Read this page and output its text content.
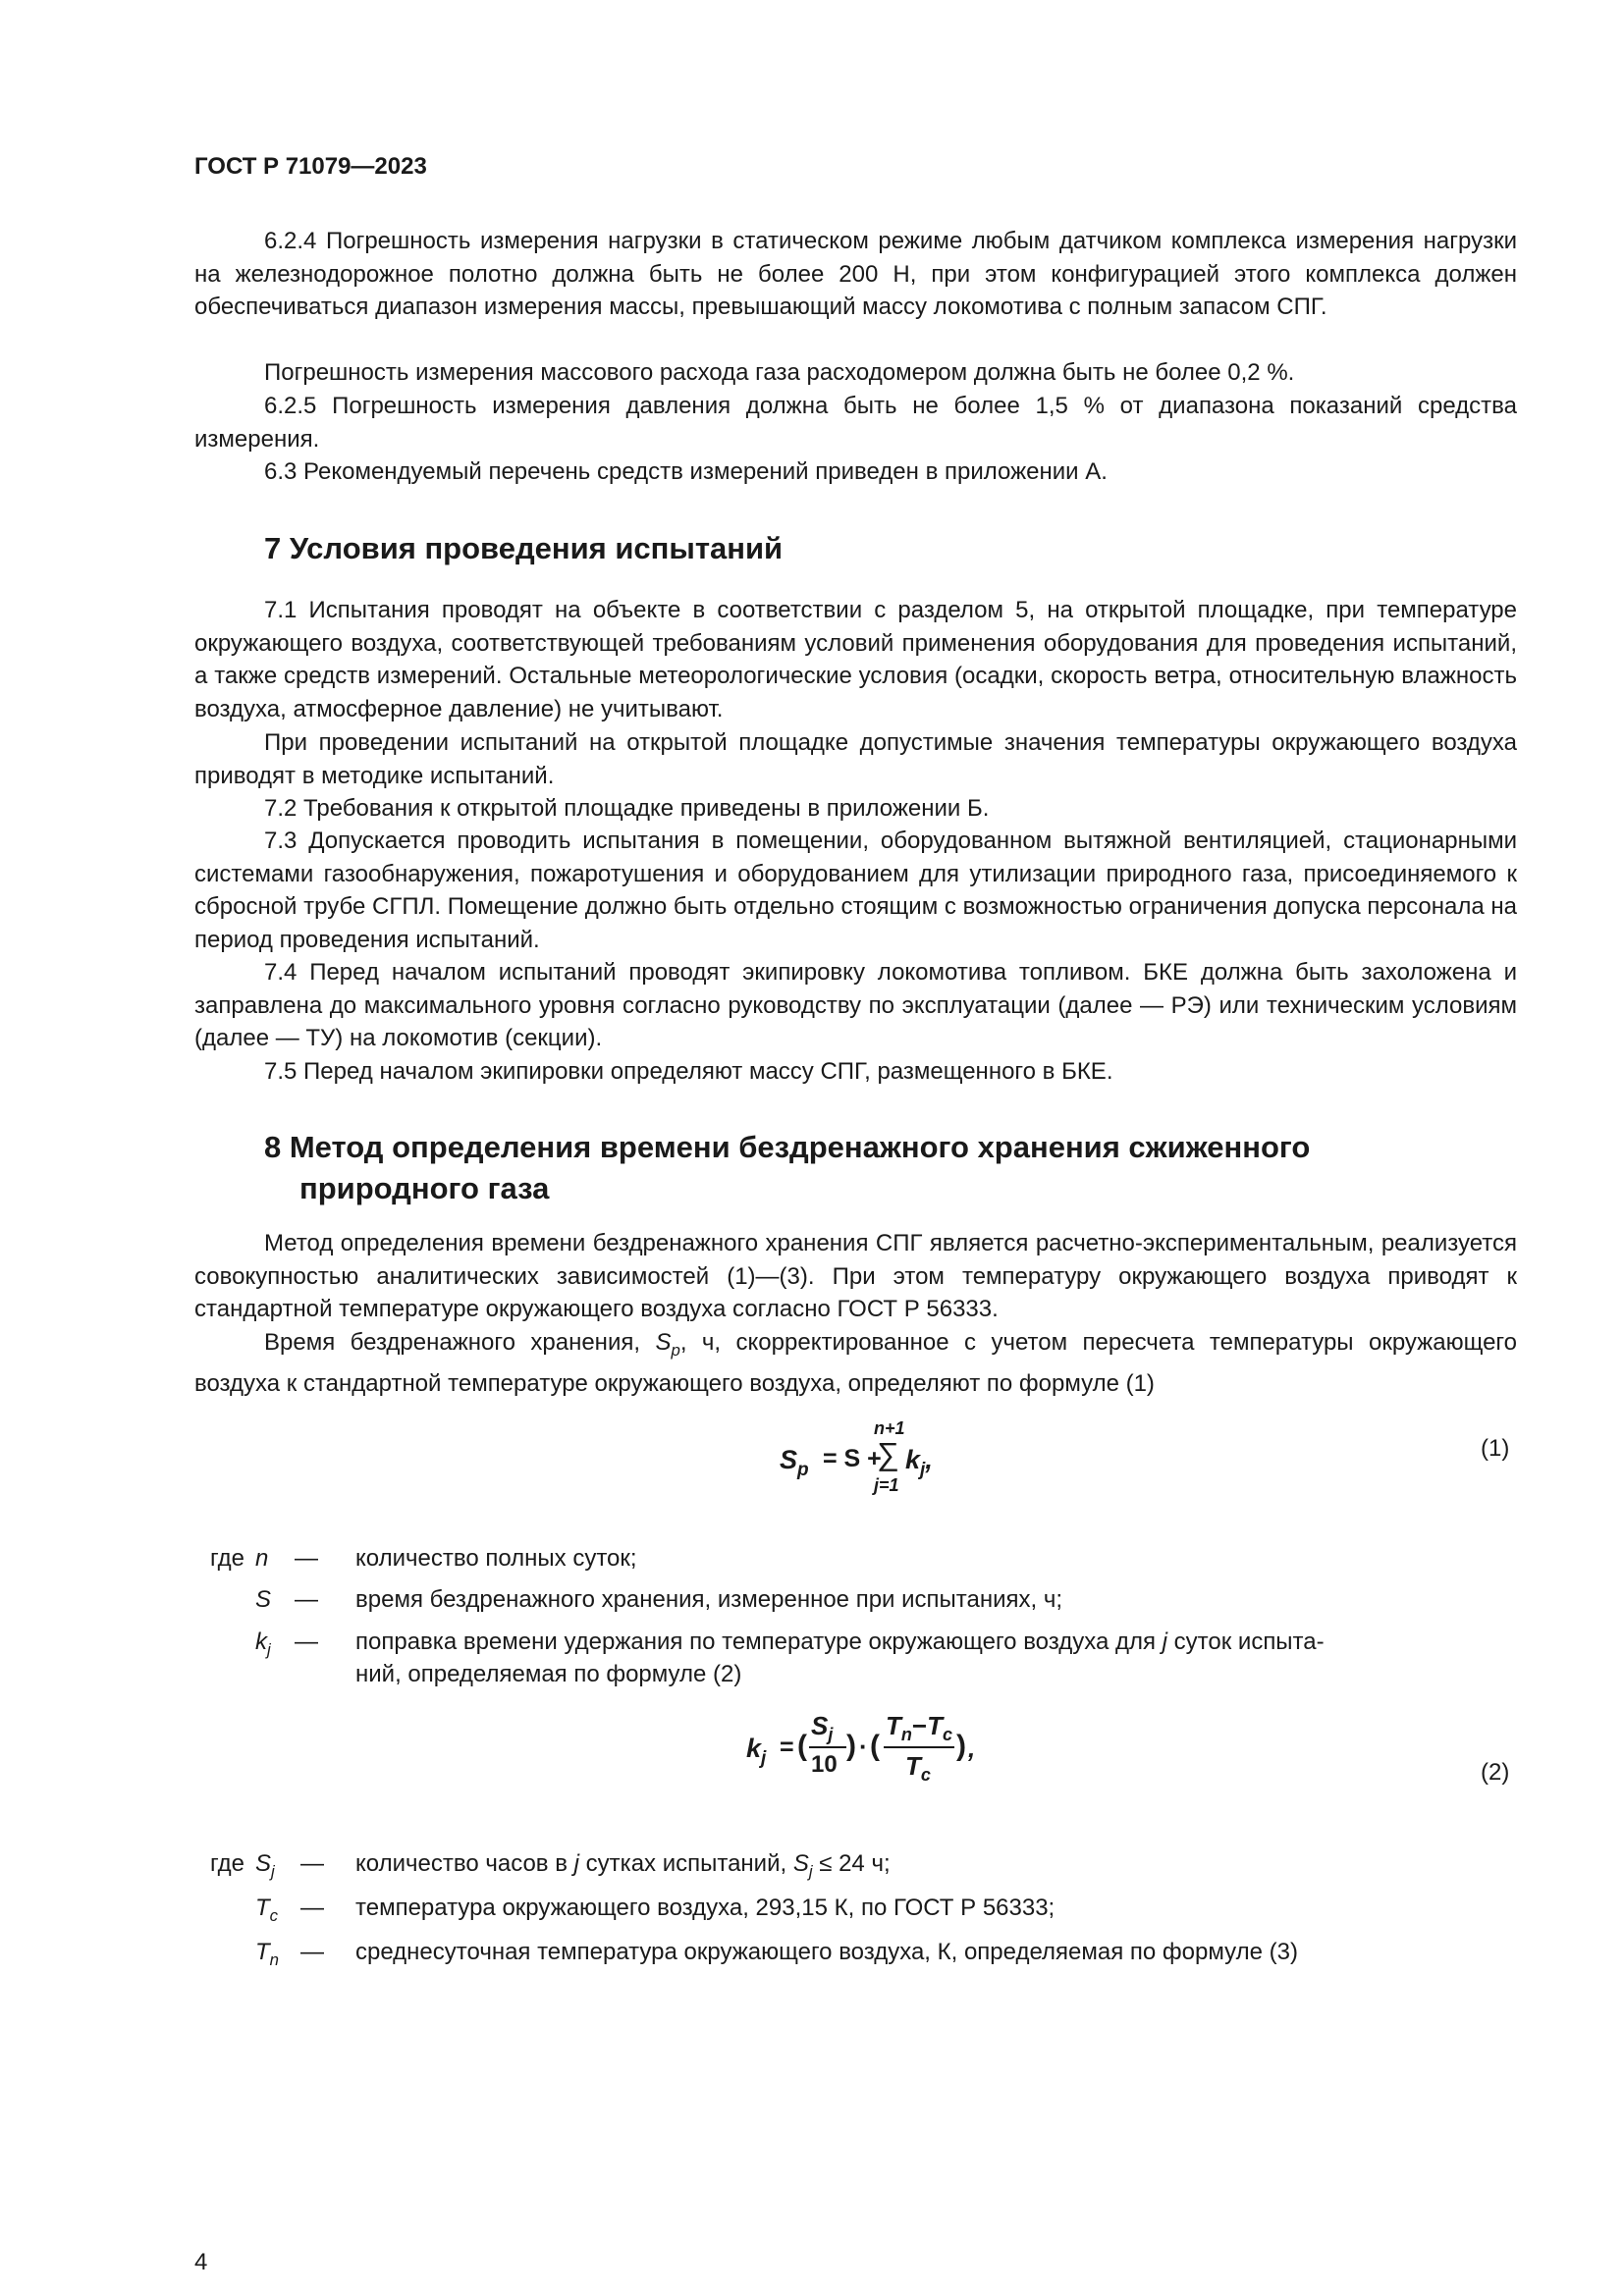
ГОСТ Р 71079—2023

6.2.4 Погрешность измерения нагрузки в статическом режиме любым датчиком комплекса измерения нагрузки на железнодорожное полотно должна быть не более 200 Н, при этом конфигурацией этого комплекса должен обеспечиваться диапазон измерения массы, превышающий массу локомотива с полным запасом СПГ.

Погрешность измерения массового расхода газа расходомером должна быть не более 0,2 %.

6.2.5 Погрешность измерения давления должна быть не более 1,5 % от диапазона показаний средства измерения.

6.3 Рекомендуемый перечень средств измерений приведен в приложении А.

7 Условия проведения испытаний

7.1 Испытания проводят на объекте в соответствии с разделом 5, на открытой площадке, при температуре окружающего воздуха, соответствующей требованиям условий применения оборудования для проведения испытаний, а также средств измерений. Остальные метеорологические условия (осадки, скорость ветра, относительную влажность воздуха, атмосферное давление) не учитывают.

При проведении испытаний на открытой площадке допустимые значения температуры окружающего воздуха приводят в методике испытаний.

7.2 Требования к открытой площадке приведены в приложении Б.

7.3 Допускается проводить испытания в помещении, оборудованном вытяжной вентиляцией, стационарными системами газообнаружения, пожаротушения и оборудованием для утилизации природного газа, присоединяемого к сбросной трубе СГПЛ. Помещение должно быть отдельно стоящим с возможностью ограничения допуска персонала на период проведения испытаний.

7.4 Перед началом испытаний проводят экипировку локомотива топливом. БКЕ должна быть захоложена и заправлена до максимального уровня согласно руководству по эксплуатации (далее — РЭ) или техническим условиям (далее — ТУ) на локомотив (секции).

7.5 Перед началом экипировки определяют массу СПГ, размещенного в БКЕ.

8 Метод определения времени бездренажного хранения сжиженного
природного газа

Метод определения времени бездренажного хранения СПГ является расчетно-экспериментальным, реализуется совокупностью аналитических зависимостей (1)—(3). При этом температуру окружающего воздуха приводят к стандартной температуре окружающего воздуха согласно ГОСТ Р 56333.

Время бездренажного хранения, $S_p$, ч, скорректированное с учетом пересчета температуры окружающего воздуха к стандартной температуре окружающего воздуха, определяют по формуле (1)

$S_p = S$ +
n+1
∑
j=1
$k_j$,	(1)
где n — количество полных суток;
S — время бездренажного хранения, измеренное при испытаниях, ч;
$k_j$ — поправка времени удержания по температуре окружающего воздуха для j суток испыта-
ний, определяемая по формуле (2)
$k_j$ = (
$S_j$
10
) · (
$T_n-T_c$
$T_c$
) ,
(2)
где $S_j$ — количество часов в j сутках испытаний, $S_j \le 24$ ч;
$T_c$ — температура окружающего воздуха, 293,15 К, по ГОСТ Р 56333;
$T_n$ — среднесуточная температура окружающего воздуха, К, определяемая по формуле (3)
4
